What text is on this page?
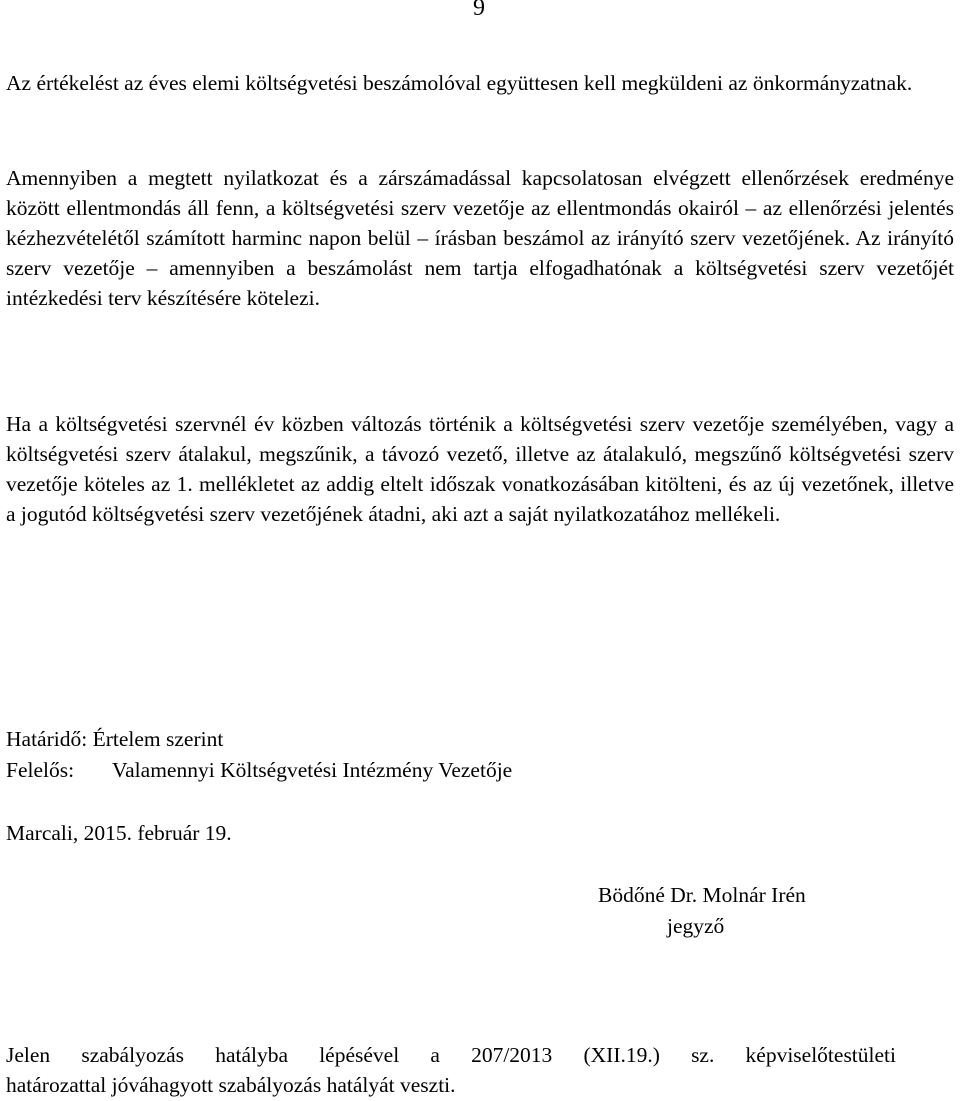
9

Az értékelést az éves elemi költségvetési beszámolóval együttesen kell megküldeni az önkormányzatnak.

Amennyiben a megtett nyilatkozat és a zárszámadással kapcsolatosan elvégzett ellenőrzések eredménye között ellentmondás áll fenn, a költségvetési szerv vezetője az ellentmondás okairól – az ellenőrzési jelentés kézhezvételétől számított harminc napon belül – írásban beszámol az irányító szerv vezetőjének. Az irányító szerv vezetője – amennyiben a beszámolást nem tartja elfogadhatónak a költségvetési szerv vezetőjét intézkedési terv készítésére kötelezi.

Ha a költségvetési szervnél év közben változás történik a költségvetési szerv vezetője személyében, vagy a költségvetési szerv átalakul, megszűnik, a távozó vezető, illetve az átalakuló, megszűnő költségvetési szerv vezetője köteles az 1. mellékletet az addig eltelt időszak vonatkozásában kitölteni, és az új vezetőnek, illetve a jogutód költségvetési szerv vezetőjének átadni, aki azt a saját nyilatkozatához mellékeli.

Határidő: Értelem szerint
Felelős: Valamennyi Költségvetési Intézmény Vezetője
Marcali, 2015. február 19.
Bödőné Dr. Molnár Irén
jegyző

Jelen szabályozás hatályba lépésével a 207/2013 (XII.19.) sz. képviselőtestületi
határozattal jóváhagyott szabályozás hatályát veszti.
